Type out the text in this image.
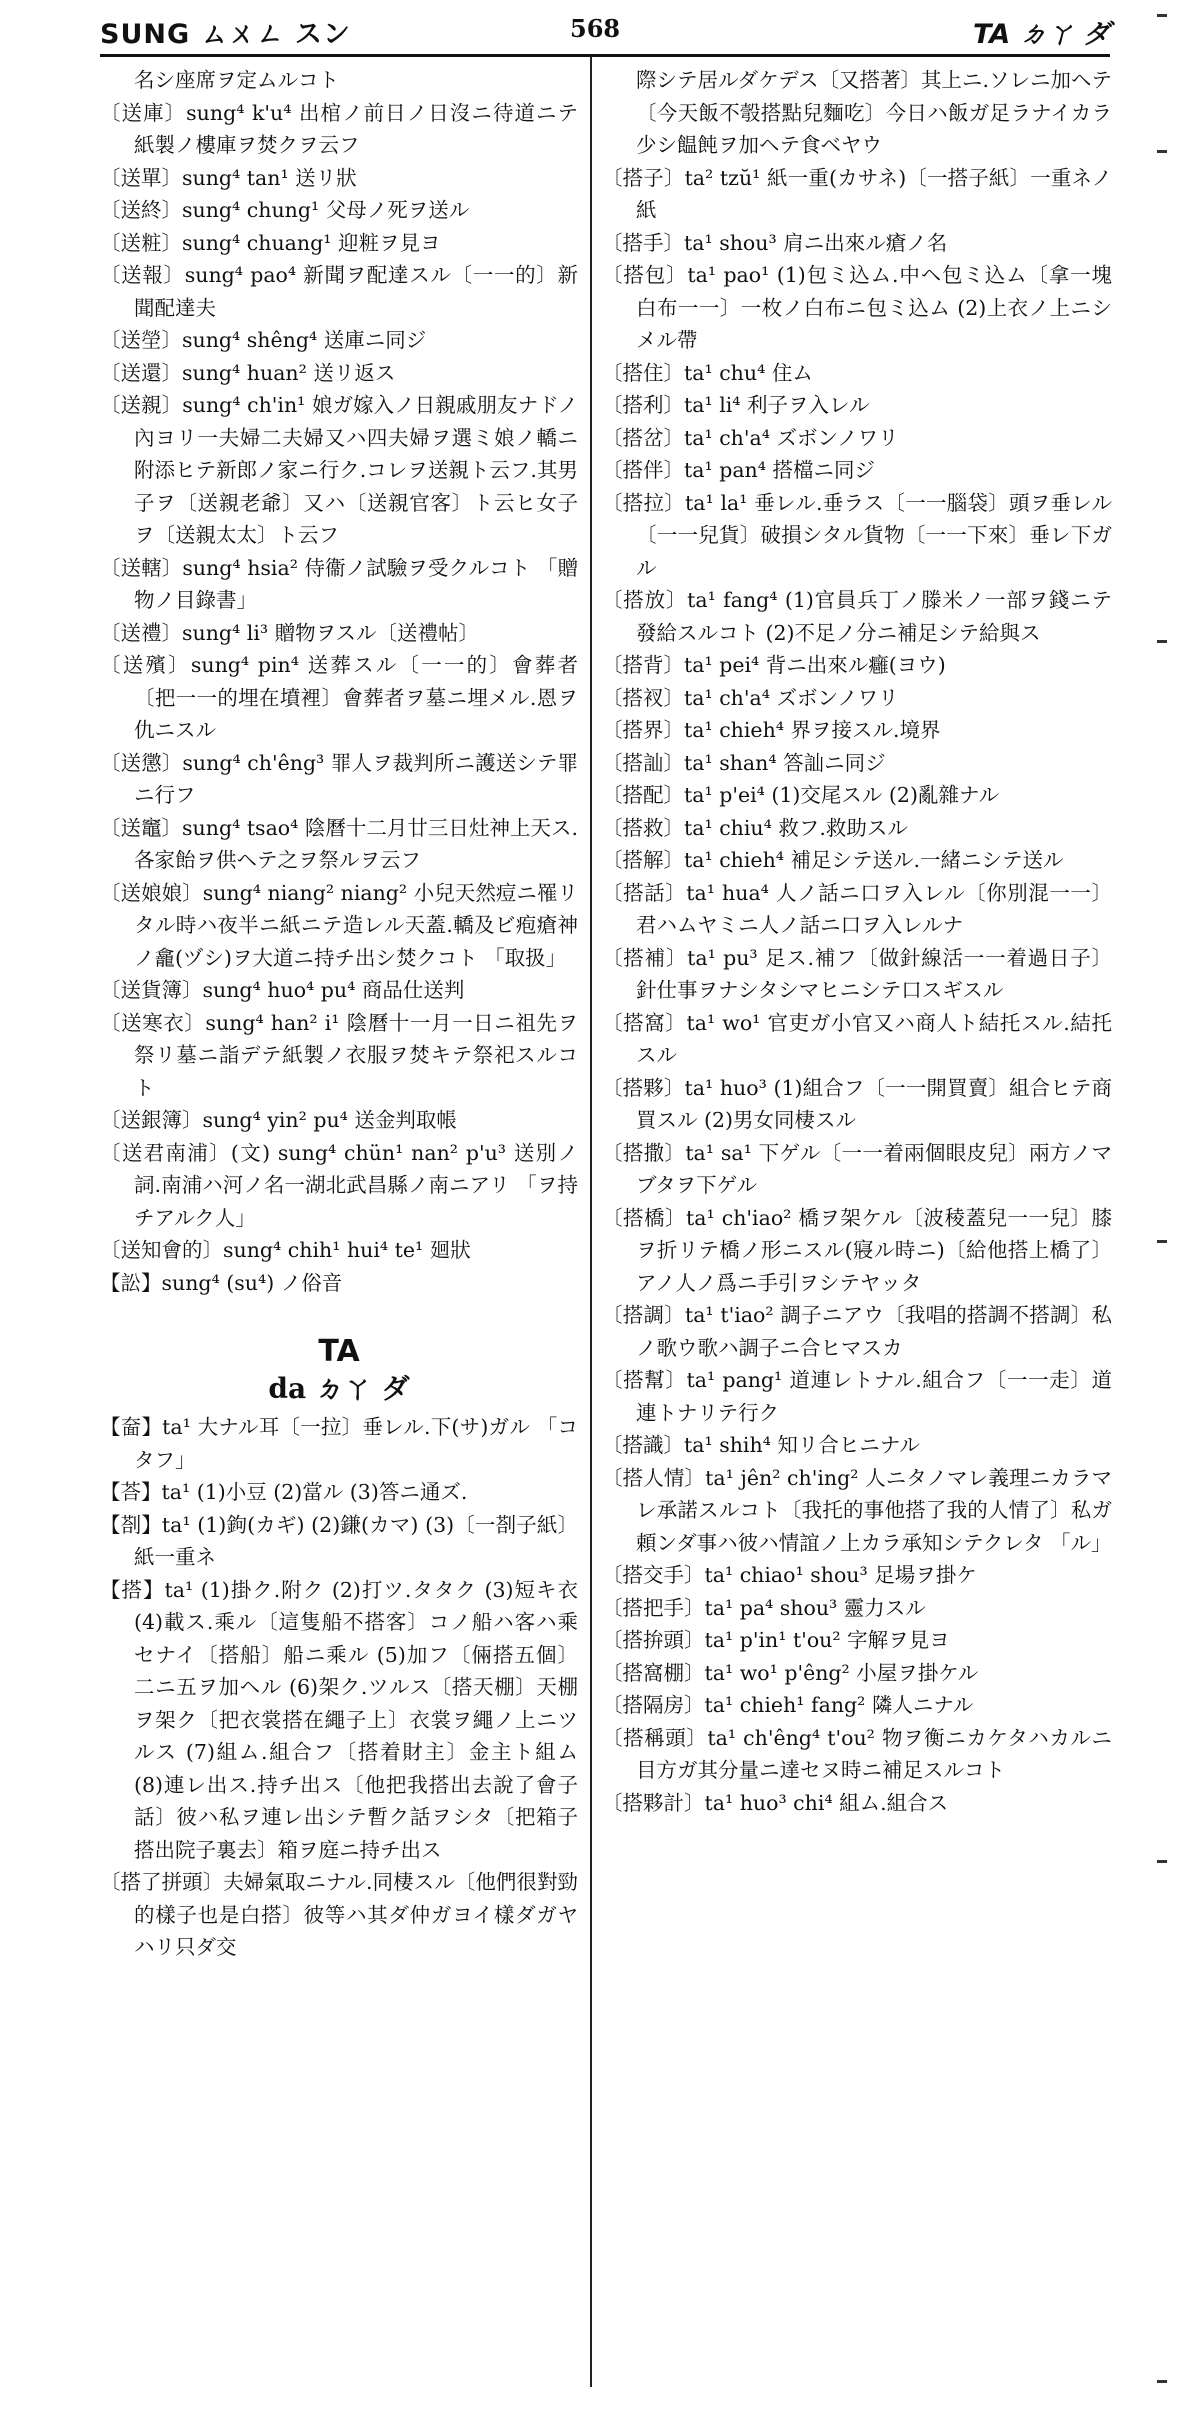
SUNG ㄙㄨㄥ スン	568	TA ㄉㄚ ダ

名シ座席ヲ定ムルコト

〔送庫〕sung⁴ k'u⁴ 出棺ノ前日ノ日沒ニ待道ニテ紙製ノ樓庫ヲ焚クヲ云フ

〔送單〕sung⁴ tan¹ 送リ狀

〔送終〕sung⁴ chung¹ 父母ノ死ヲ送ル

〔送粧〕sung⁴ chuang¹ 迎粧ヲ見ヨ

〔送報〕sung⁴ pao⁴ 新聞ヲ配達スル〔一一的〕新聞配達夫

〔送塋〕sung⁴ shêng⁴ 送庫ニ同ジ

〔送還〕sung⁴ huan² 送リ返ス

〔送親〕sung⁴ ch'in¹ 娘ガ嫁入ノ日親戚朋友ナドノ內ヨリ一夫婦二夫婦又ハ四夫婦ヲ選ミ娘ノ轎ニ附添ヒテ新郎ノ家ニ行ク.コレヲ送親ト云フ.其男子ヲ〔送親老爺〕又ハ〔送親官客〕ト云ヒ女子ヲ〔送親太太〕ト云フ

〔送轄〕sung⁴ hsia² 侍衞ノ試驗ヲ受クルコト 「贈物ノ目錄書」

〔送禮〕sung⁴ li³ 贈物ヲスル〔送禮帖〕

〔送殯〕sung⁴ pin⁴ 送葬スル〔一一的〕會葬者〔把一一的埋在墳裡〕會葬者ヲ墓ニ埋メル.恩ヲ仇ニスル

〔送懲〕sung⁴ ch'êng³ 罪人ヲ裁判所ニ護送シテ罪ニ行フ

〔送竈〕sung⁴ tsao⁴ 陰曆十二月廿三日灶神上天ス.各家飴ヲ供ヘテ之ヲ祭ルヲ云フ

〔送娘娘〕sung⁴ niang² niang² 小兒天然痘ニ罹リタル時ハ夜半ニ紙ニテ造レル天蓋.轎及ビ疱瘡神ノ龕(ヅシ)ヲ大道ニ持チ出シ焚クコト 「取扱」

〔送貨簿〕sung⁴ huo⁴ pu⁴ 商品仕送判

〔送寒衣〕sung⁴ han² i¹ 陰曆十一月一日ニ祖先ヲ祭リ墓ニ詣デテ紙製ノ衣服ヲ焚キテ祭祀スルコト

〔送銀簿〕sung⁴ yin² pu⁴ 送金判取帳

〔送君南浦〕(文) sung⁴ chün¹ nan² p'u³ 送別ノ詞.南浦ハ河ノ名一湖北武昌縣ノ南ニアリ 「ヲ持チアルク人」

〔送知會的〕sung⁴ chih¹ hui⁴ te¹ 廻狀

【訟】sung⁴ (su⁴) ノ俗音

TA
da ㄉㄚ ダ

【奤】ta¹ 大ナル耳〔一拉〕垂レル.下(サ)ガル 「コタフ」

【荅】ta¹ (1)小豆 (2)當ル (3)答ニ通ズ.

【剳】ta¹ (1)鉤(カギ) (2)鎌(カマ) (3)〔一剳子紙〕紙一重ネ

【搭】ta¹ (1)掛ク.附ク (2)打ツ.タタク (3)短キ衣 (4)載ス.乘ル〔這隻船不搭客〕コノ船ハ客ハ乘セナイ〔搭船〕船ニ乘ル (5)加フ〔倆搭五個〕二ニ五ヲ加ヘル (6)架ク.ツルス〔搭天棚〕天棚ヲ架ク〔把衣裳搭在繩子上〕衣裳ヲ繩ノ上ニツルス (7)組ム.組合フ〔搭着財主〕金主ト組ム (8)連レ出ス.持チ出ス〔他把我搭出去說了會子話〕彼ハ私ヲ連レ出シテ暫ク話ヲシタ〔把箱子搭出院子裏去〕箱ヲ庭ニ持チ出ス

〔搭了拼頭〕夫婦氣取ニナル.同棲スル〔他們很對勁的樣子也是白搭〕彼等ハ其ダ仲ガヨイ樣ダガヤハリ只ダ交

際シテ居ルダケデス〔又搭著〕其上ニ.ソレニ加ヘテ〔今天飯不彀搭點兒麵吃〕今日ハ飯ガ足ラナイカラ少シ饂飩ヲ加ヘテ食ベヤウ

〔搭子〕ta² tzŭ¹ 紙一重(カサネ)〔一搭子紙〕一重ネノ紙

〔搭手〕ta¹ shou³ 肩ニ出來ル瘡ノ名

〔搭包〕ta¹ pao¹ (1)包ミ込ム.中ヘ包ミ込ム〔拿一塊白布一一〕一枚ノ白布ニ包ミ込ム (2)上衣ノ上ニシメル帶

〔搭住〕ta¹ chu⁴ 住ム

〔搭利〕ta¹ li⁴ 利子ヲ入レル

〔搭岔〕ta¹ ch'a⁴ ズボンノワリ

〔搭伴〕ta¹ pan⁴ 搭檔ニ同ジ

〔搭拉〕ta¹ la¹ 垂レル.垂ラス〔一一腦袋〕頭ヲ垂レル〔一一兒貨〕破損シタル貨物〔一一下來〕垂レ下ガル

〔搭放〕ta¹ fang⁴ (1)官員兵丁ノ滕米ノ一部ヲ錢ニテ發給スルコト (2)不足ノ分ニ補足シテ給與ス

〔搭背〕ta¹ pei⁴ 背ニ出來ル癰(ヨウ)

〔搭衩〕ta¹ ch'a⁴ ズボンノワリ

〔搭界〕ta¹ chieh⁴ 界ヲ接スル.境界

〔搭訕〕ta¹ shan⁴ 答訕ニ同ジ

〔搭配〕ta¹ p'ei⁴ (1)交尾スル (2)亂雜ナル

〔搭救〕ta¹ chiu⁴ 救フ.救助スル

〔搭解〕ta¹ chieh⁴ 補足シテ送ル.一緒ニシテ送ル

〔搭話〕ta¹ hua⁴ 人ノ話ニ口ヲ入レル〔你別混一一〕君ハムヤミニ人ノ話ニ口ヲ入レルナ

〔搭補〕ta¹ pu³ 足ス.補フ〔做針線活一一着過日子〕針仕事ヲナシタシマヒニシテ口スギスル

〔搭窩〕ta¹ wo¹ 官吏ガ小官又ハ商人ト結托スル.結托スル

〔搭夥〕ta¹ huo³ (1)組合フ〔一一開買賣〕組合ヒテ商買スル (2)男女同棲スル

〔搭撒〕ta¹ sa¹ 下ゲル〔一一着兩個眼皮兒〕兩方ノマブタヲ下ゲル

〔搭橋〕ta¹ ch'iao² 橋ヲ架ケル〔波稜蓋兒一一兒〕膝ヲ折リテ橋ノ形ニスル(寢ル時ニ)〔給他搭上橋了〕アノ人ノ爲ニ手引ヲシテヤッタ

〔搭調〕ta¹ t'iao² 調子ニアウ〔我唱的搭調不搭調〕私ノ歌ウ歌ハ調子ニ合ヒマスカ

〔搭幫〕ta¹ pang¹ 道連レトナル.組合フ〔一一走〕道連トナリテ行ク

〔搭識〕ta¹ shih⁴ 知リ合ヒニナル

〔搭人情〕ta¹ jên² ch'ing² 人ニタノマレ義理ニカラマレ承諾スルコト〔我托的事他搭了我的人情了〕私ガ頼ンダ事ハ彼ハ情誼ノ上カラ承知シテクレタ 「ル」

〔搭交手〕ta¹ chiao¹ shou³ 足場ヲ掛ケ

〔搭把手〕ta¹ pa⁴ shou³ 靈力スル

〔搭拚頭〕ta¹ p'in¹ t'ou² 字解ヲ見ヨ

〔搭窩棚〕ta¹ wo¹ p'êng² 小屋ヲ掛ケル

〔搭隔房〕ta¹ chieh¹ fang² 隣人ニナル

〔搭稱頭〕ta¹ ch'êng⁴ t'ou² 物ヲ衡ニカケタハカルニ目方ガ其分量ニ達セヌ時ニ補足スルコト

〔搭夥計〕ta¹ huo³ chi⁴ 組ム.組合ス
